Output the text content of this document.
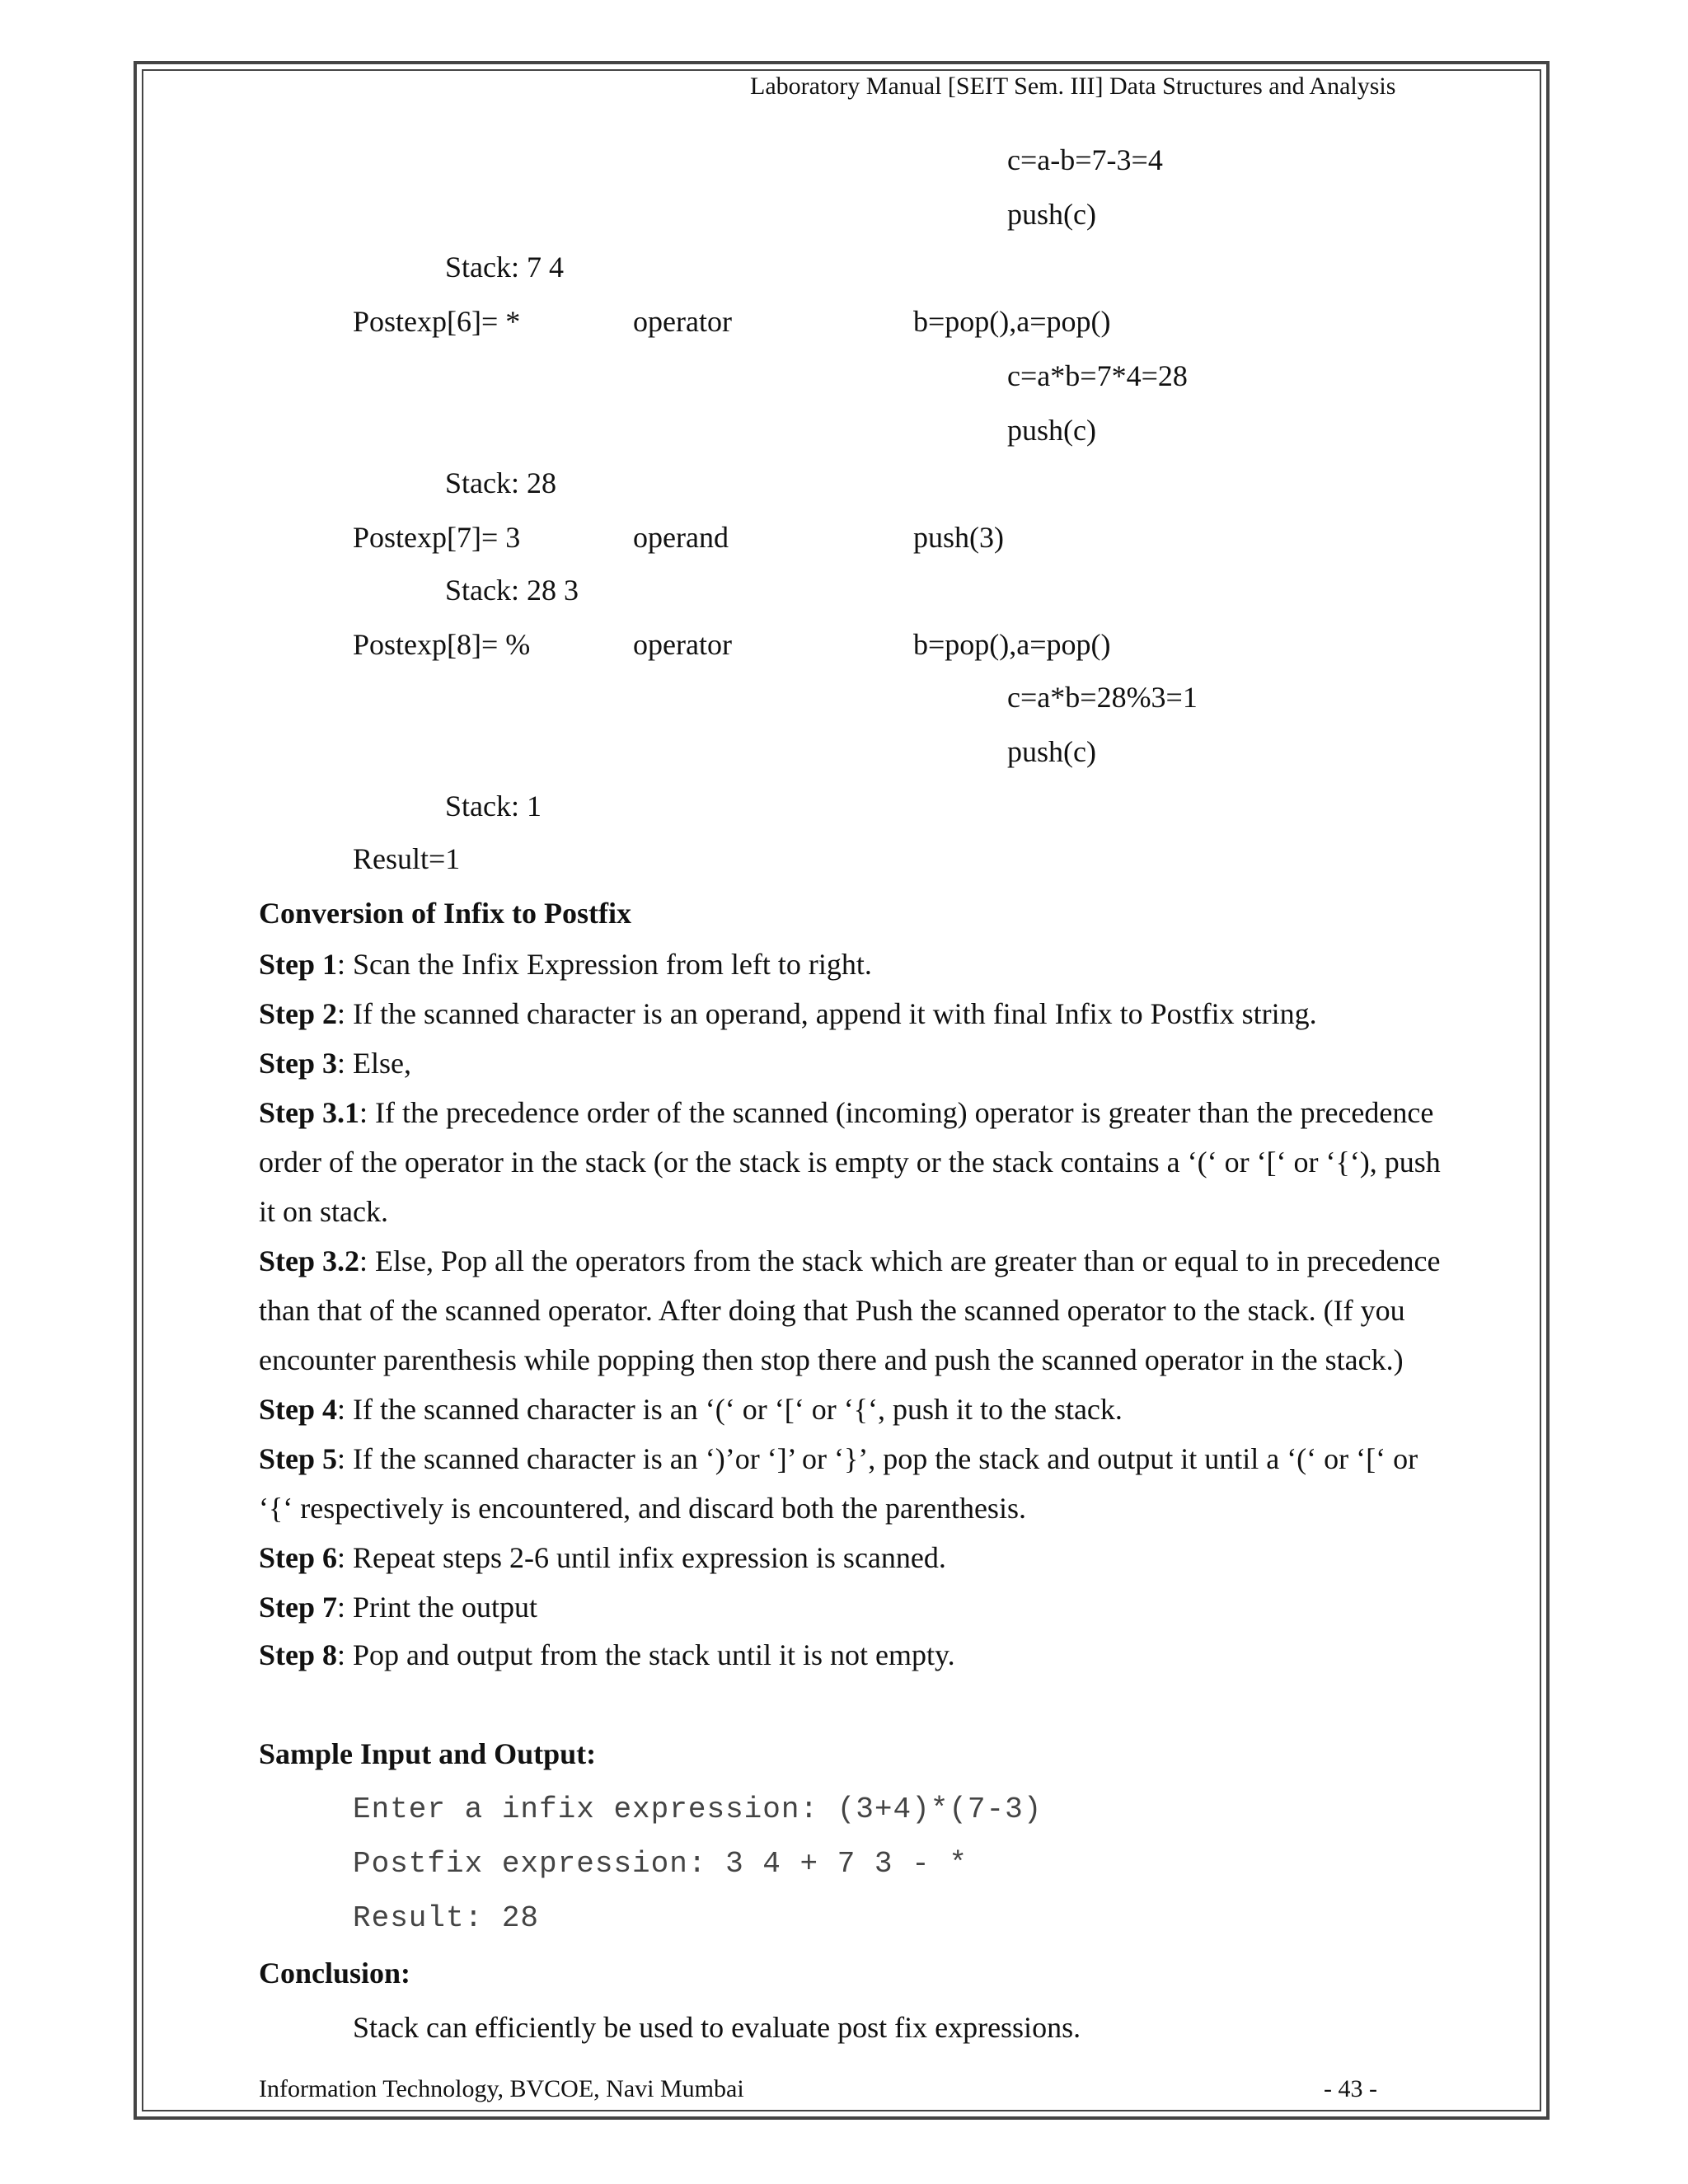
Laboratory Manual [SEIT Sem. III] Data Structures and Analysis
c=a-b=7-3=4
push(c)
Stack: 7 4
Postexp[6]= *	operator	b=pop(),a=pop()
c=a*b=7*4=28
push(c)
Stack: 28
Postexp[7]= 3	operand	push(3)
Stack: 28 3
Postexp[8]= %	operator	b=pop(),a=pop()
c=a*b=28%3=1
push(c)
Stack: 1
Result=1
Conversion of Infix to Postfix

Step 1: Scan the Infix Expression from left to right.

Step 2: If the scanned character is an operand, append it with final Infix to Postfix string.

Step 3: Else,

Step 3.1: If the precedence order of the scanned (incoming) operator is greater than the precedence order of the operator in the stack (or the stack is empty or the stack contains a ‘(‘ or ‘[‘ or ‘{‘), push it on stack.

Step 3.2: Else, Pop all the operators from the stack which are greater than or equal to in precedence than that of the scanned operator. After doing that Push the scanned operator to the stack. (If you encounter parenthesis while popping then stop there and push the scanned operator in the stack.)

Step 4: If the scanned character is an ‘(‘ or ‘[‘ or ‘{‘, push it to the stack.

Step 5: If the scanned character is an ‘)’or ‘]’ or ‘}’, pop the stack and output it until a ‘(‘ or ‘[‘ or ‘{‘ respectively is encountered, and discard both the parenthesis.

Step 6: Repeat steps 2-6 until infix expression is scanned.

Step 7: Print the output

Step 8: Pop and output from the stack until it is not empty.

Sample Input and Output:
Enter a infix expression: (3+4)*(7-3)
Postfix expression: 3 4 + 7 3 - *
Result: 28
Conclusion:
Stack can efficiently be used to evaluate post fix expressions.
Information Technology, BVCOE, Navi Mumbai	- 43 -
